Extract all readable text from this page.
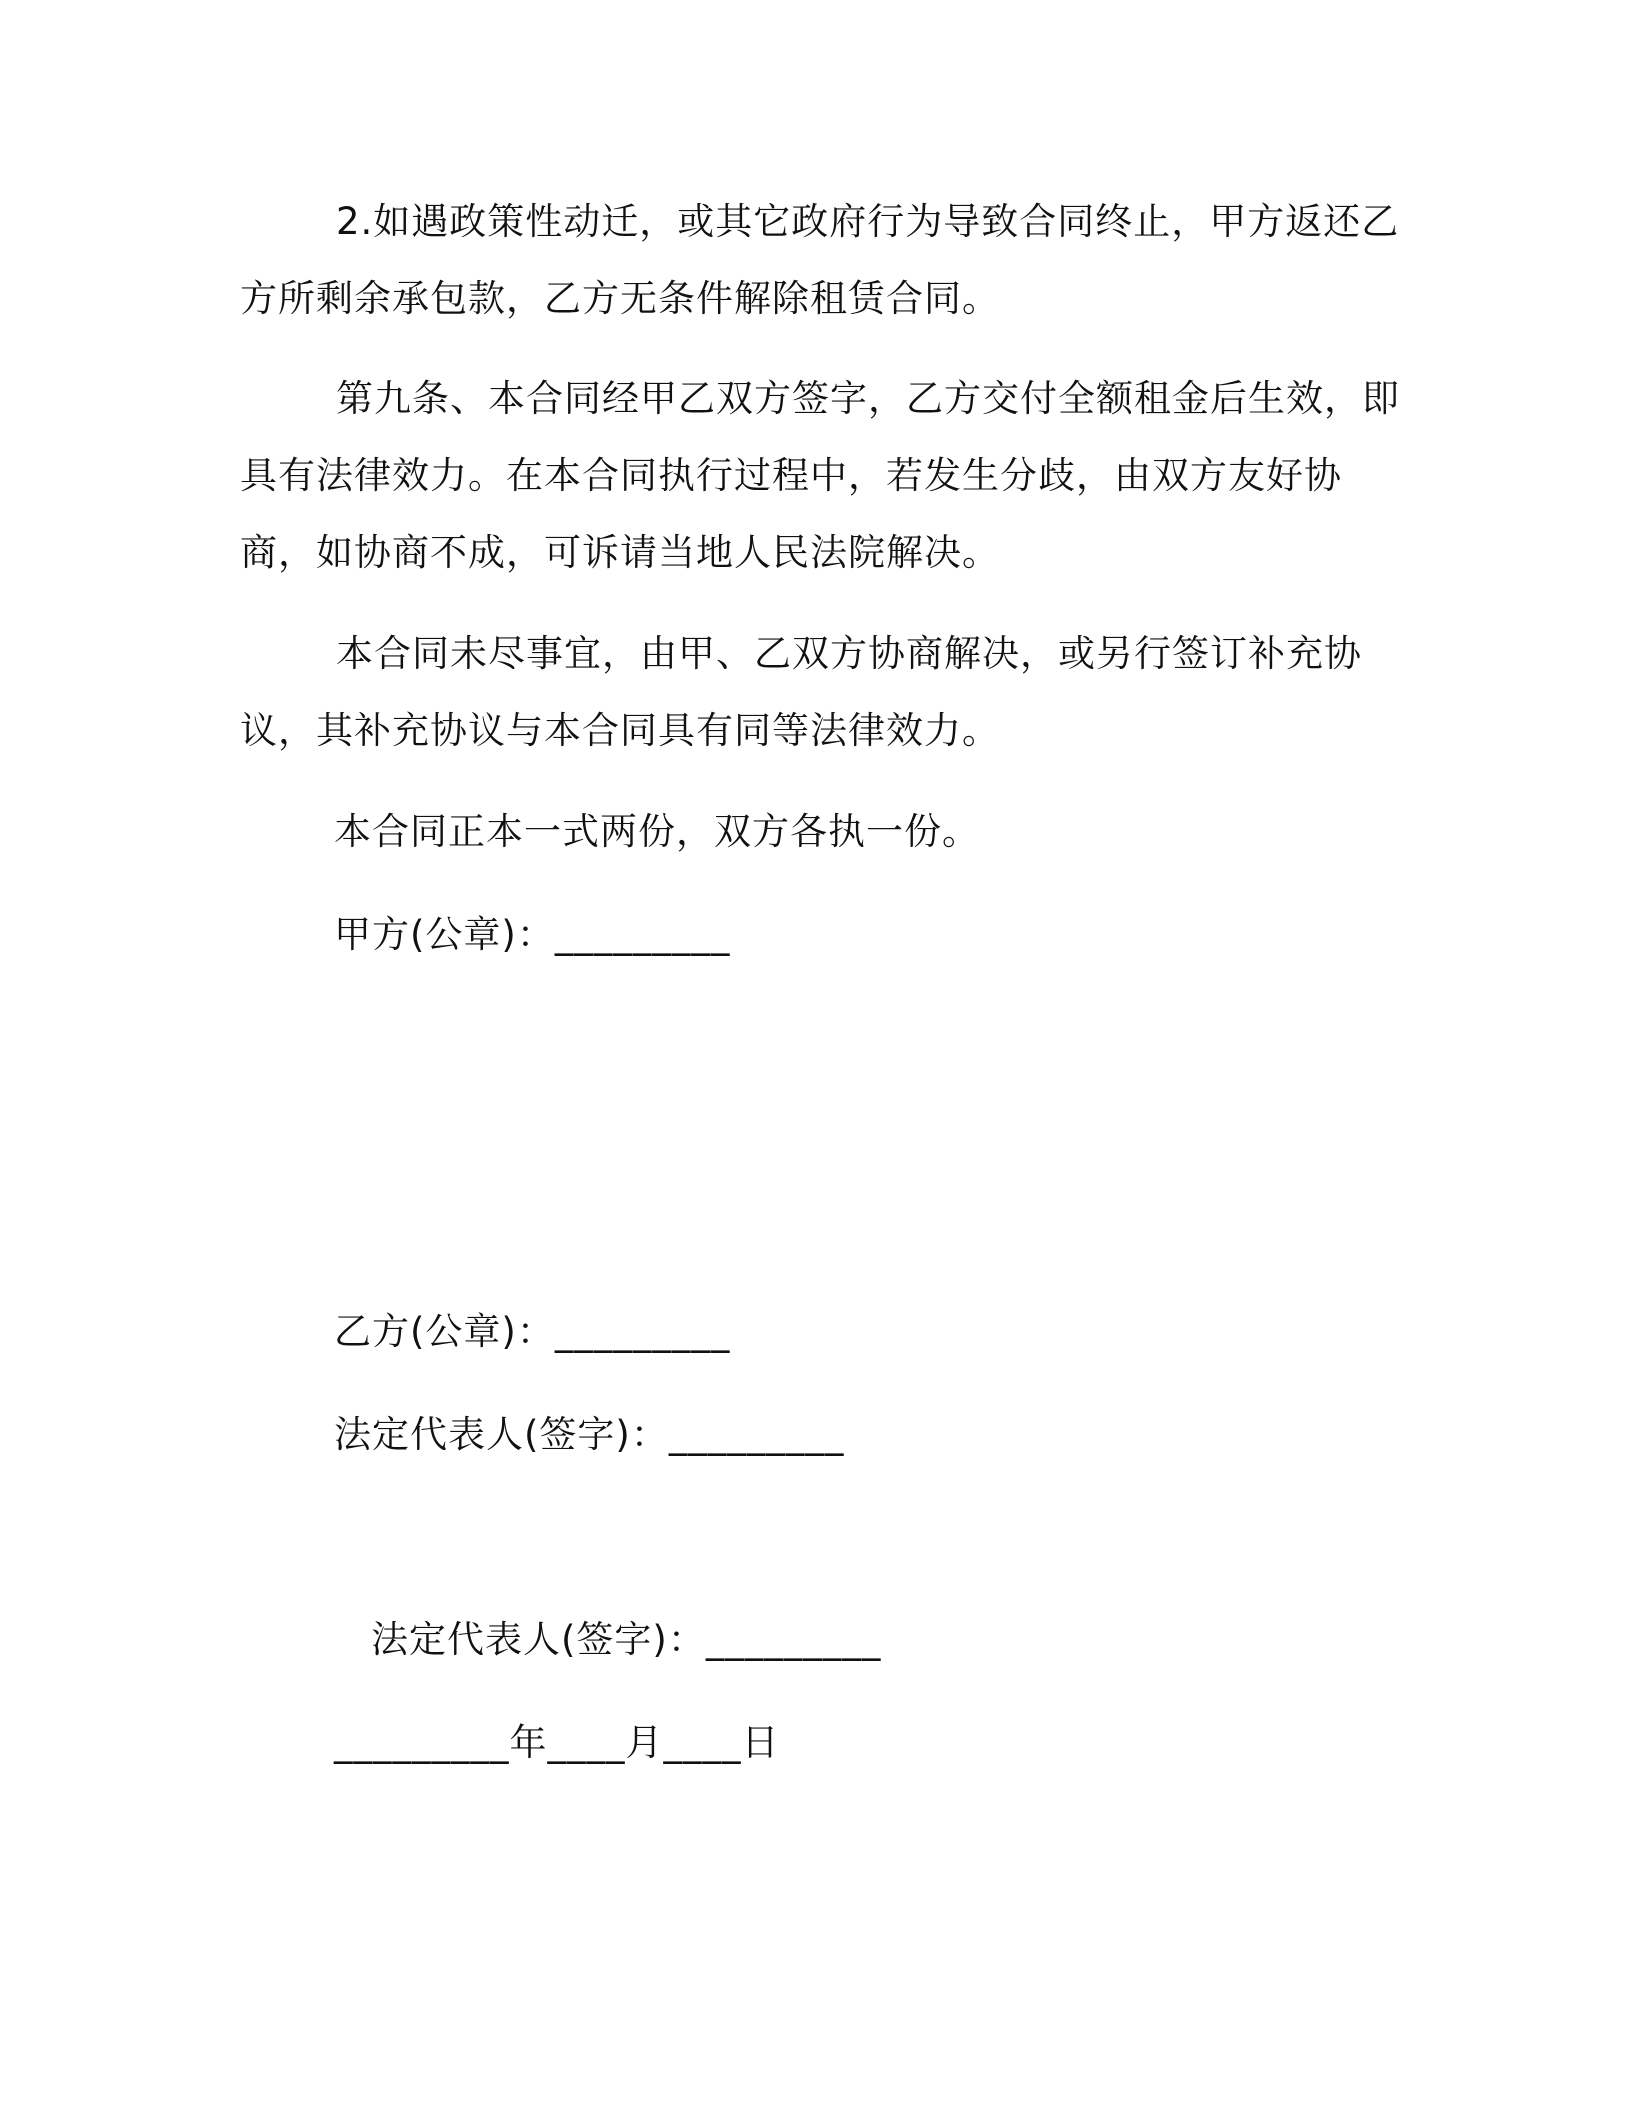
2.如遇政策性动迁，或其它政府行为导致合同终止，甲方返还乙方所剩余承包款，乙方无条件解除租赁合同。
第九条、本合同经甲乙双方签字，乙方交付全额租金后生效，即具有法律效力。在本合同执行过程中，若发生分歧，由双方友好协商，如协商不成，可诉请当地人民法院解决。
本合同未尽事宜，由甲、乙双方协商解决，或另行签订补充协议，其补充协议与本合同具有同等法律效力。
本合同正本一式两份，双方各执一份。
甲方(公章)：_________
乙方(公章)：_________
法定代表人(签字)：_________
法定代表人(签字)：_________
_________年____月____日
